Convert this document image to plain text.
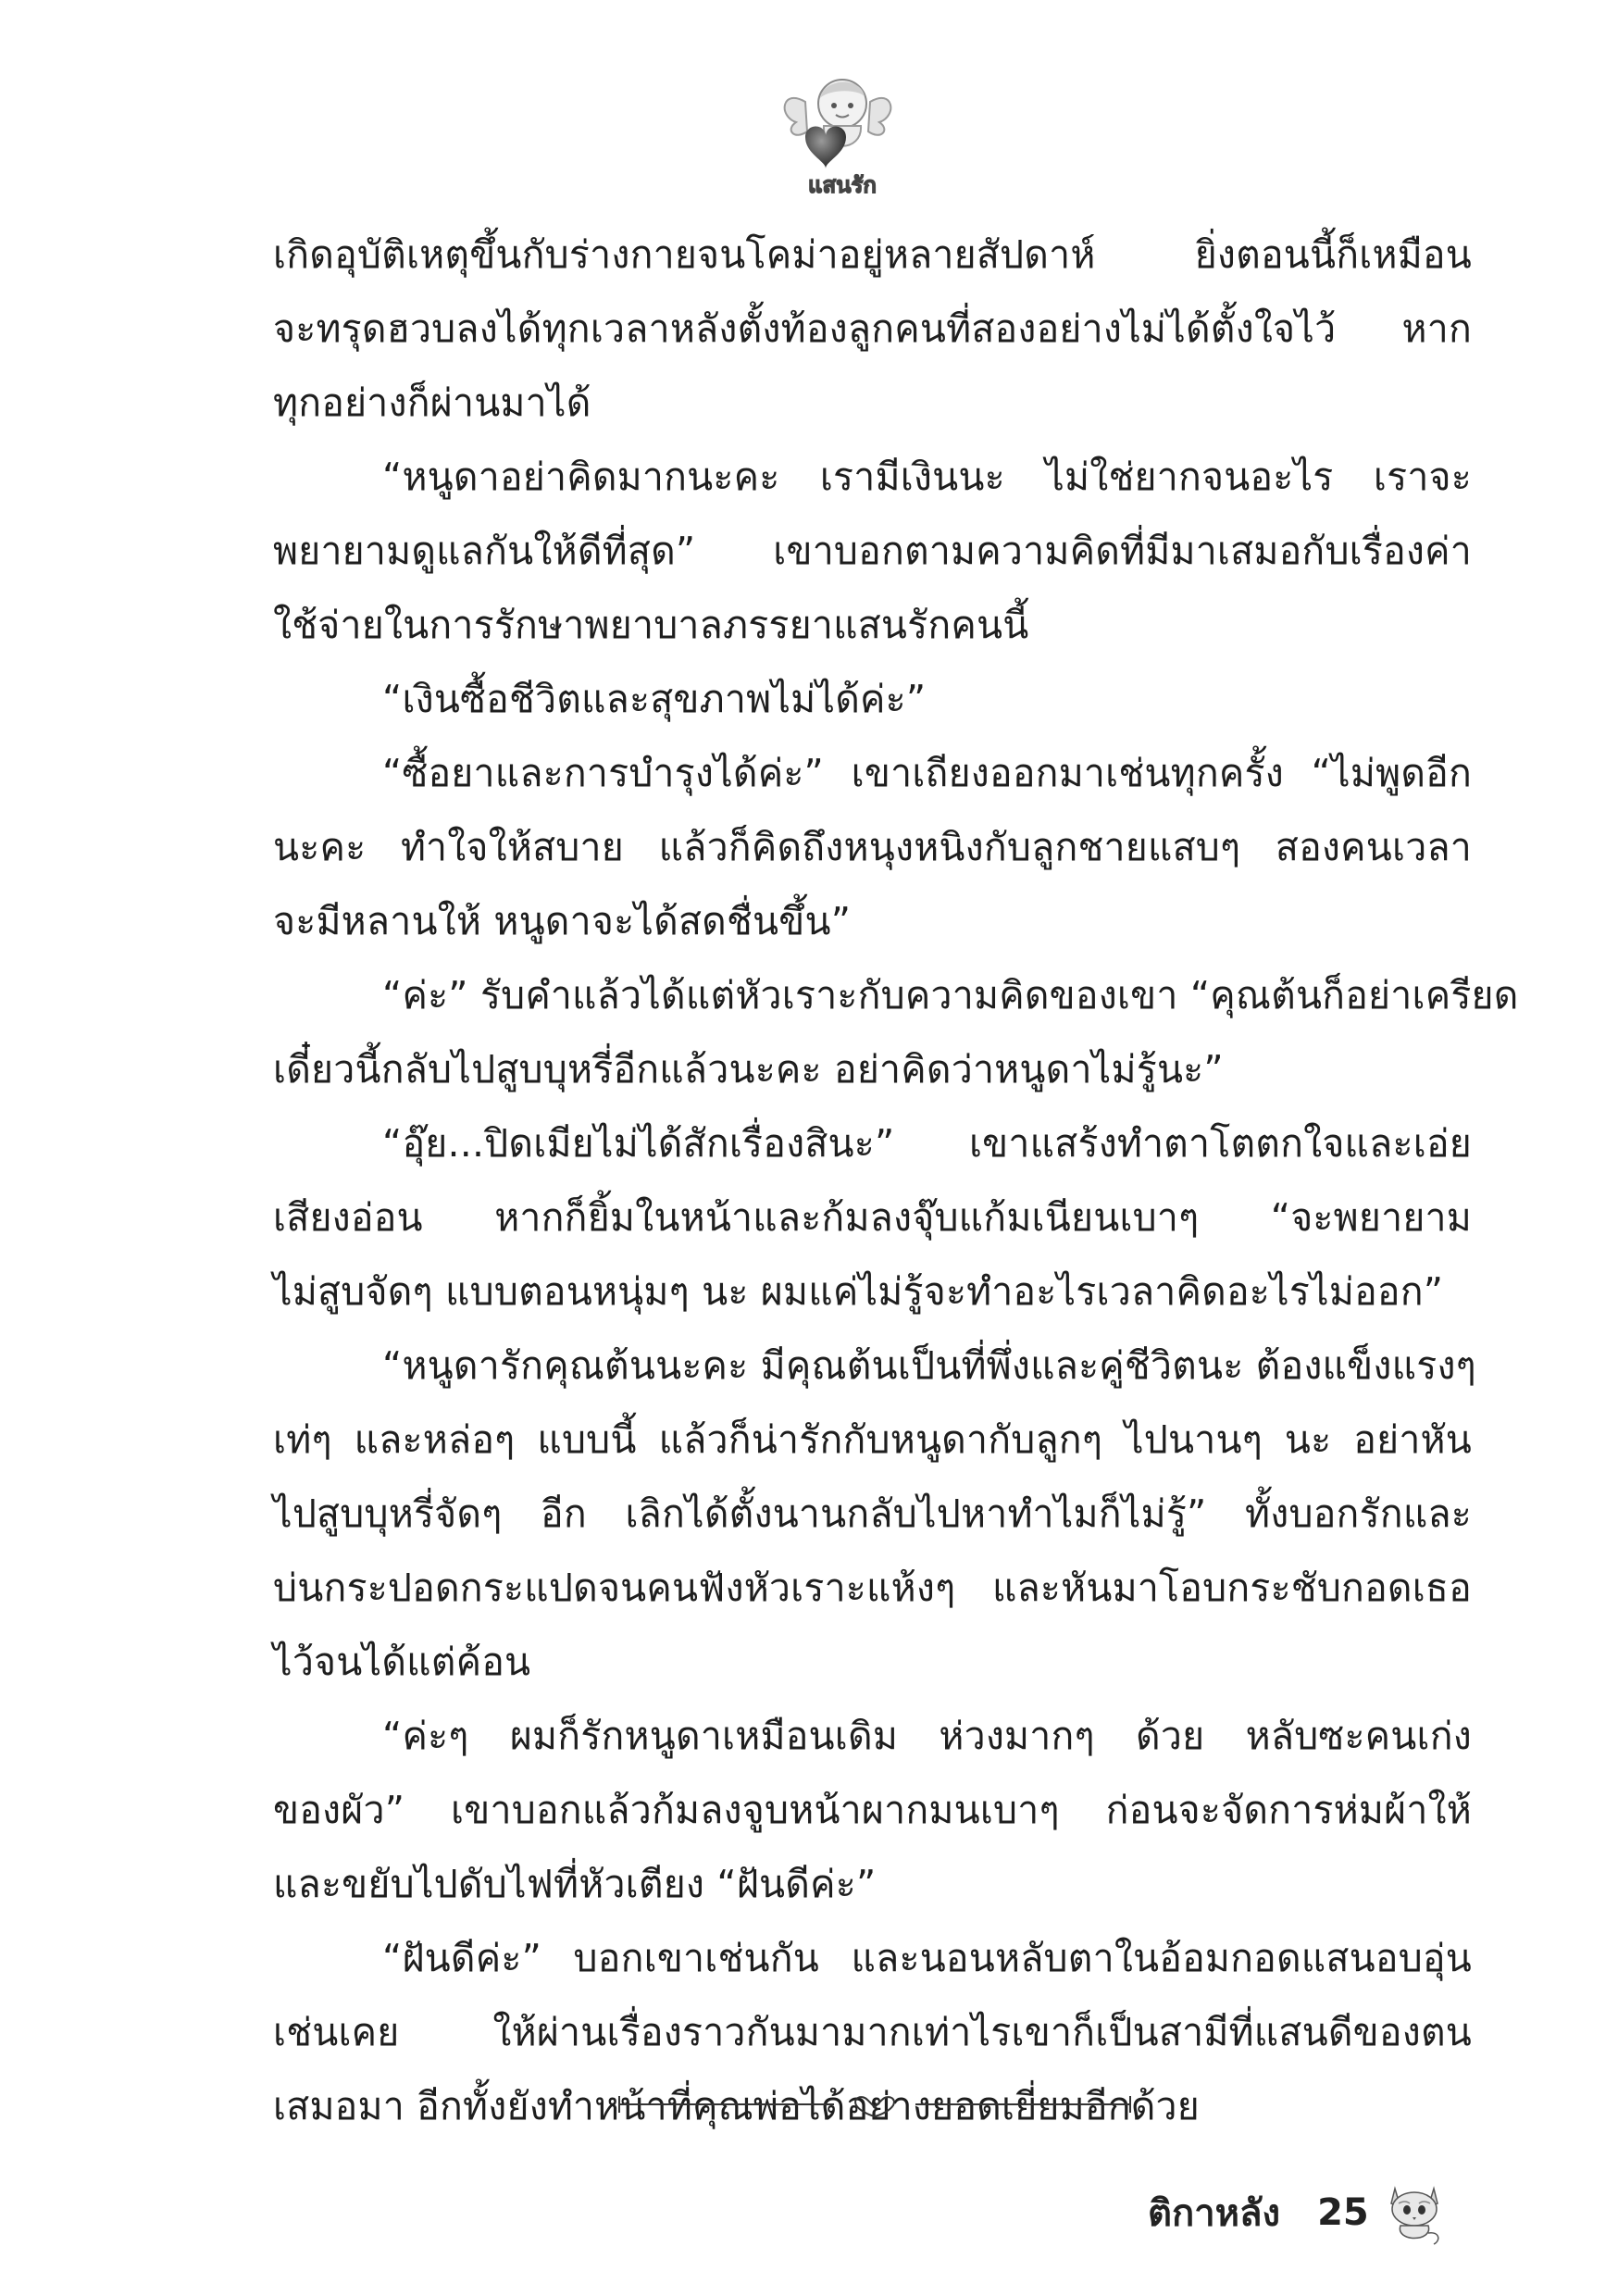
แสนรัก
เกิดอุบัติเหตุขึ้นกับร่างกายจนโคม่าอยู่หลายสัปดาห์ ยิ่งตอนนี้ก็เหมือน
จะทรุดฮวบลงได้ทุกเวลาหลังตั้งท้องลูกคนที่สองอย่างไม่ได้ตั้งใจไว้ หาก
ทุกอย่างก็ผ่านมาได้
“หนูดาอย่าคิดมากนะคะ เรามีเงินนะ ไม่ใช่ยากจนอะไร เราจะ
พยายามดูแลกันให้ดีที่สุด” เขาบอกตามความคิดที่มีมาเสมอกับเรื่องค่า
ใช้จ่ายในการรักษาพยาบาลภรรยาแสนรักคนนี้
“เงินซื้อชีวิตและสุขภาพไม่ได้ค่ะ”
“ซื้อยาและการบำรุงได้ค่ะ” เขาเถียงออกมาเช่นทุกครั้ง “ไม่พูดอีก
นะคะ ทำใจให้สบาย แล้วก็คิดถึงหนุงหนิงกับลูกชายแสบๆ สองคนเวลา
จะมีหลานให้ หนูดาจะได้สดชื่นขึ้น”
“ค่ะ” รับคำแล้วได้แต่หัวเราะกับความคิดของเขา “คุณต้นก็อย่าเครียด
เดี๋ยวนี้กลับไปสูบบุหรี่อีกแล้วนะคะ อย่าคิดว่าหนูดาไม่รู้นะ”
“อุ๊ย...ปิดเมียไม่ได้สักเรื่องสินะ” เขาแสร้งทำตาโตตกใจและเอ่ย
เสียงอ่อน หากก็ยิ้มในหน้าและก้มลงจุ๊บแก้มเนียนเบาๆ “จะพยายาม
ไม่สูบจัดๆ แบบตอนหนุ่มๆ นะ ผมแค่ไม่รู้จะทำอะไรเวลาคิดอะไรไม่ออก”
“หนูดารักคุณต้นนะคะ มีคุณต้นเป็นที่พึ่งและคู่ชีวิตนะ ต้องแข็งแรงๆ
เท่ๆ และหล่อๆ แบบนี้ แล้วก็น่ารักกับหนูดากับลูกๆ ไปนานๆ นะ อย่าหัน
ไปสูบบุหรี่จัดๆ อีก เลิกได้ตั้งนานกลับไปหาทำไมก็ไม่รู้” ทั้งบอกรักและ
บ่นกระปอดกระแปดจนคนฟังหัวเราะแห้งๆ และหันมาโอบกระชับกอดเธอ
ไว้จนได้แต่ค้อน
“ค่ะๆ ผมก็รักหนูดาเหมือนเดิม ห่วงมากๆ ด้วย หลับซะคนเก่ง
ของผัว” เขาบอกแล้วก้มลงจูบหน้าผากมนเบาๆ ก่อนจะจัดการห่มผ้าให้
และขยับไปดับไฟที่หัวเตียง “ฝันดีค่ะ”
“ฝันดีค่ะ” บอกเขาเช่นกัน และนอนหลับตาในอ้อมกอดแสนอบอุ่น
เช่นเคย ให้ผ่านเรื่องราวกันมามากเท่าไรเขาก็เป็นสามีที่แสนดีของตน
เสมอมา อีกทั้งยังทำหน้าที่คุณพ่อได้อย่างยอดเยี่ยมอีกด้วย
ติกาหลัง 25
